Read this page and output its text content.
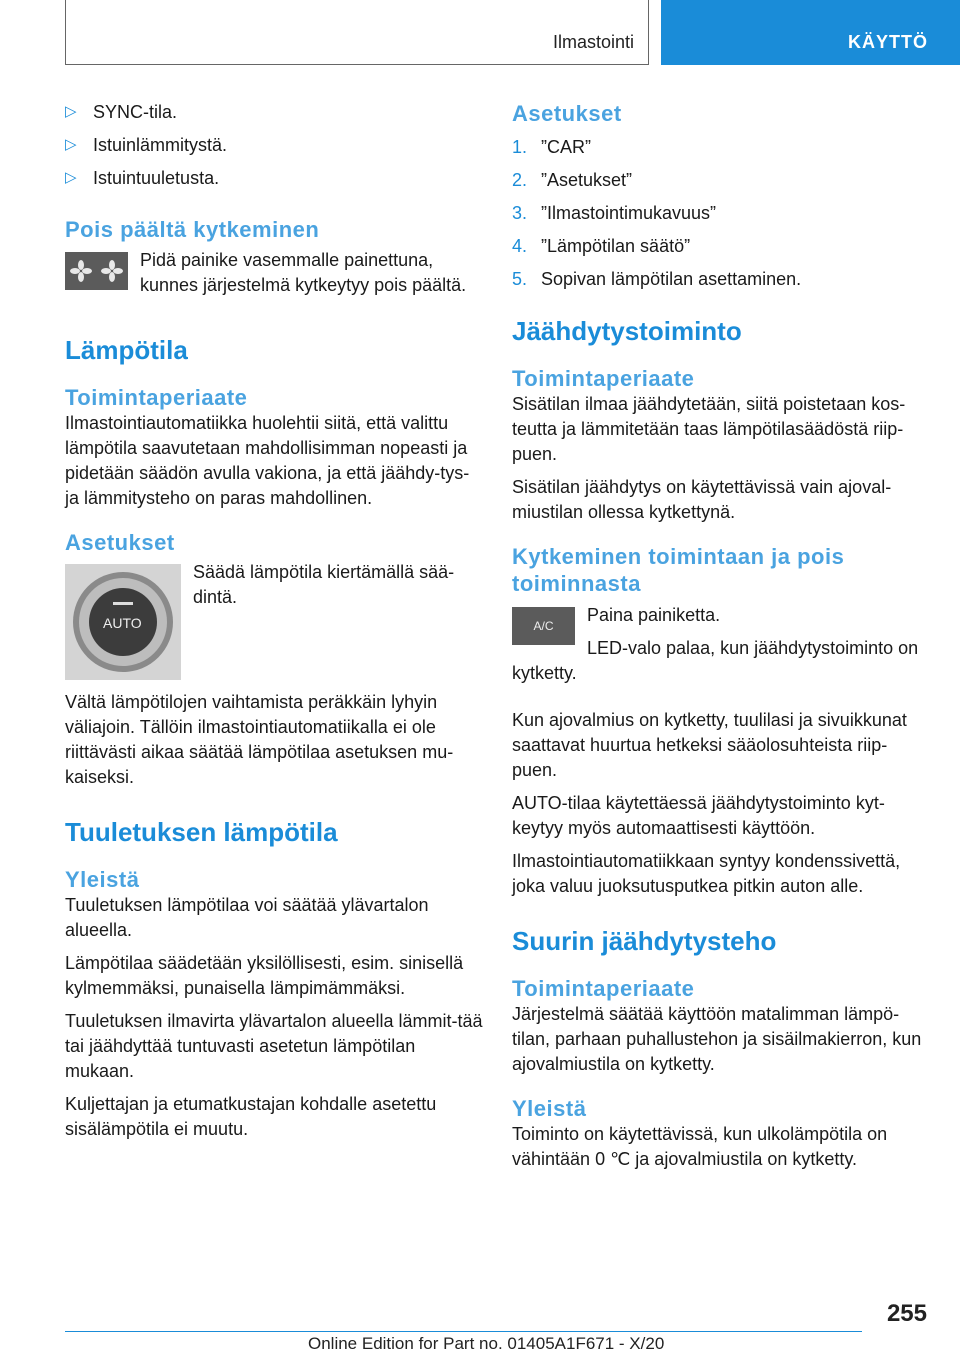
Ilmastointi	KÄYTTÖ
▷ SYNC-tila.
▷ Istuinlämmitystä.
▷ Istuintuuletusta.
Pois päältä kytkeminen

Pidä painike vasemmalle painettuna, kunnes järjestelmä kytkeytyy pois päältä.

Lämpötila
Toimintaperiaate

Ilmastointiautomatiikka huolehtii siitä, että valittu lämpötila saavutetaan mahdollisimman nopeasti ja pidetään säädön avulla vakiona, ja että jäähdy‐tys- ja lämmitysteho on paras mahdollinen.

Asetukset
AUTO

Säädä lämpötila kiertämällä sää‐dintä.

Vältä lämpötilojen vaihtamista peräkkäin lyhyin väliajoin. Tällöin ilmastointiautomatiikalla ei ole riittävästi aikaa säätää lämpötilaa asetuksen mu‐kaiseksi.

Tuuletuksen lämpötila
Yleistä

Tuuletuksen lämpötilaa voi säätää ylävartalon alueella.

Lämpötilaa säädetään yksilöllisesti, esim. sinisellä kylmemmäksi, punaisella lämpimämmäksi.

Tuuletuksen ilmavirta ylävartalon alueella lämmit‐tää tai jäähdyttää tuntuvasti asetetun lämpötilan mukaan.

Kuljettajan ja etumatkustajan kohdalle asetettu sisälämpötila ei muutu.

Asetukset
1. ”CAR”
2. ”Asetukset”
3. ”Ilmastointimukavuus”
4. ”Lämpötilan säätö”
5. Sopivan lämpötilan asettaminen.
Jäähdytystoiminto
Toimintaperiaate

Sisätilan ilmaa jäähdytetään, siitä poistetaan kos‐teutta ja lämmitetään taas lämpötilasäädöstä riip‐puen.

Sisätilan jäähdytys on käytettävissä vain ajoval‐miustilan ollessa kytkettynä.

Kytkeminen toimintaan ja pois toiminnasta
A/C

Paina painiketta.

LED-valo palaa, kun jäähdytystoiminto on kytketty.

Kun ajovalmius on kytketty, tuulilasi ja sivuikkunat saattavat huurtua hetkeksi sääolosuhteista riip‐puen.

AUTO-tilaa käytettäessä jäähdytystoiminto kyt‐keytyy myös automaattisesti käyttöön.

Ilmastointiautomatiikkaan syntyy kondenssivettä, joka valuu juoksutusputkea pitkin auton alle.

Suurin jäähdytysteho
Toimintaperiaate

Järjestelmä säätää käyttöön matalimman lämpö‐tilan, parhaan puhallustehon ja sisäilmakierron, kun ajovalmiustila on kytketty.

Yleistä

Toiminto on käytettävissä, kun ulkolämpötila on vähintään 0 ℃ ja ajovalmiustila on kytketty.

255
Online Edition for Part no. 01405A1F671 - X/20
